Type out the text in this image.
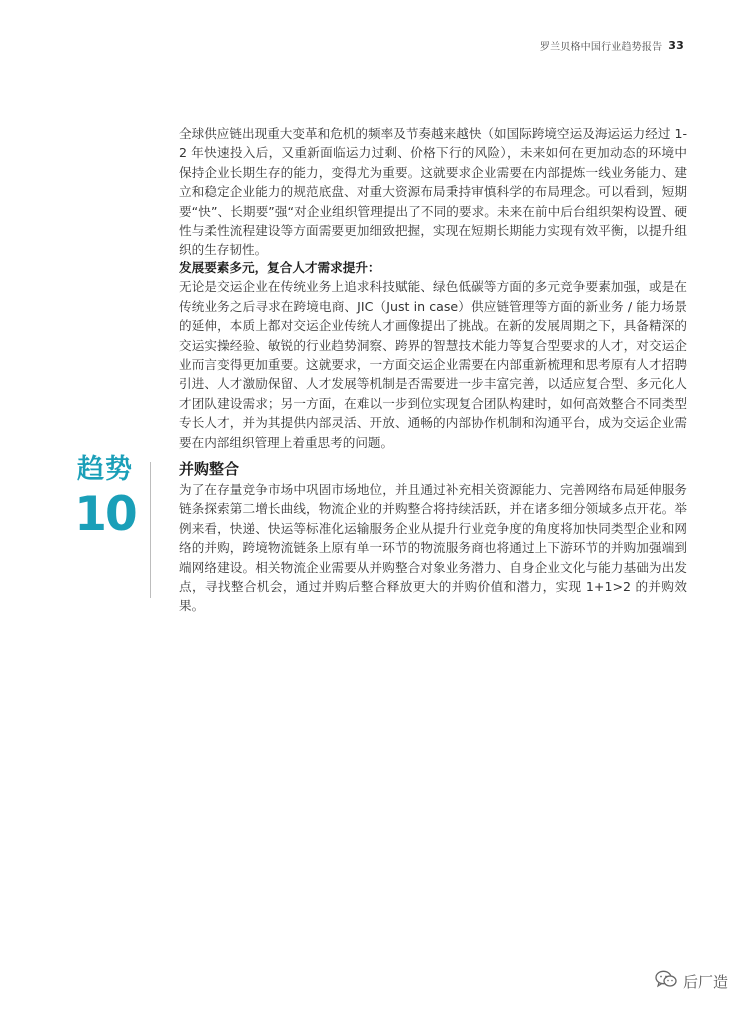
罗兰贝格中国行业趋势报告 33

全球供应链出现重大变革和危机的频率及节奏越来越快（如国际跨境空运及海运运力经过 1-2 年快速投入后，又重新面临运力过剩、价格下行的风险），未来如何在更加动态的环境中保持企业长期生存的能力，变得尤为重要。这就要求企业需要在内部提炼一线业务能力、建立和稳定企业能力的规范底盘、对重大资源布局秉持审慎科学的布局理念。可以看到，短期要“快”、长期要”强“对企业组织管理提出了不同的要求。未来在前中后台组织架构设置、硬性与柔性流程建设等方面需要更加细致把握，实现在短期长期能力实现有效平衡，以提升组织的生存韧性。

发展要素多元，复合人才需求提升：

无论是交运企业在传统业务上追求科技赋能、绿色低碳等方面的多元竞争要素加强，或是在传统业务之后寻求在跨境电商、JIC（Just in case）供应链管理等方面的新业务 / 能力场景的延伸，本质上都对交运企业传统人才画像提出了挑战。在新的发展周期之下，具备精深的交运实操经验、敏锐的行业趋势洞察、跨界的智慧技术能力等复合型要求的人才，对交运企业而言变得更加重要。这就要求，一方面交运企业需要在内部重新梳理和思考原有人才招聘引进、人才激励保留、人才发展等机制是否需要进一步丰富完善，以适应复合型、多元化人才团队建设需求；另一方面，在难以一步到位实现复合团队构建时，如何高效整合不同类型专长人才，并为其提供内部灵活、开放、通畅的内部协作机制和沟通平台，成为交运企业需要在内部组织管理上着重思考的问题。

趋势
10

并购整合

为了在存量竞争市场中巩固市场地位，并且通过补充相关资源能力、完善网络布局延伸服务链条探索第二增长曲线，物流企业的并购整合将持续活跃，并在诸多细分领域多点开花。举例来看，快递、快运等标准化运输服务企业从提升行业竞争度的角度将加快同类型企业和网络的并购，跨境物流链条上原有单一环节的物流服务商也将通过上下游环节的并购加强端到端网络建设。相关物流企业需要从并购整合对象业务潜力、自身企业文化与能力基础为出发点，寻找整合机会，通过并购后整合释放更大的并购价值和潜力，实现 1+1>2 的并购效果。

后厂造
